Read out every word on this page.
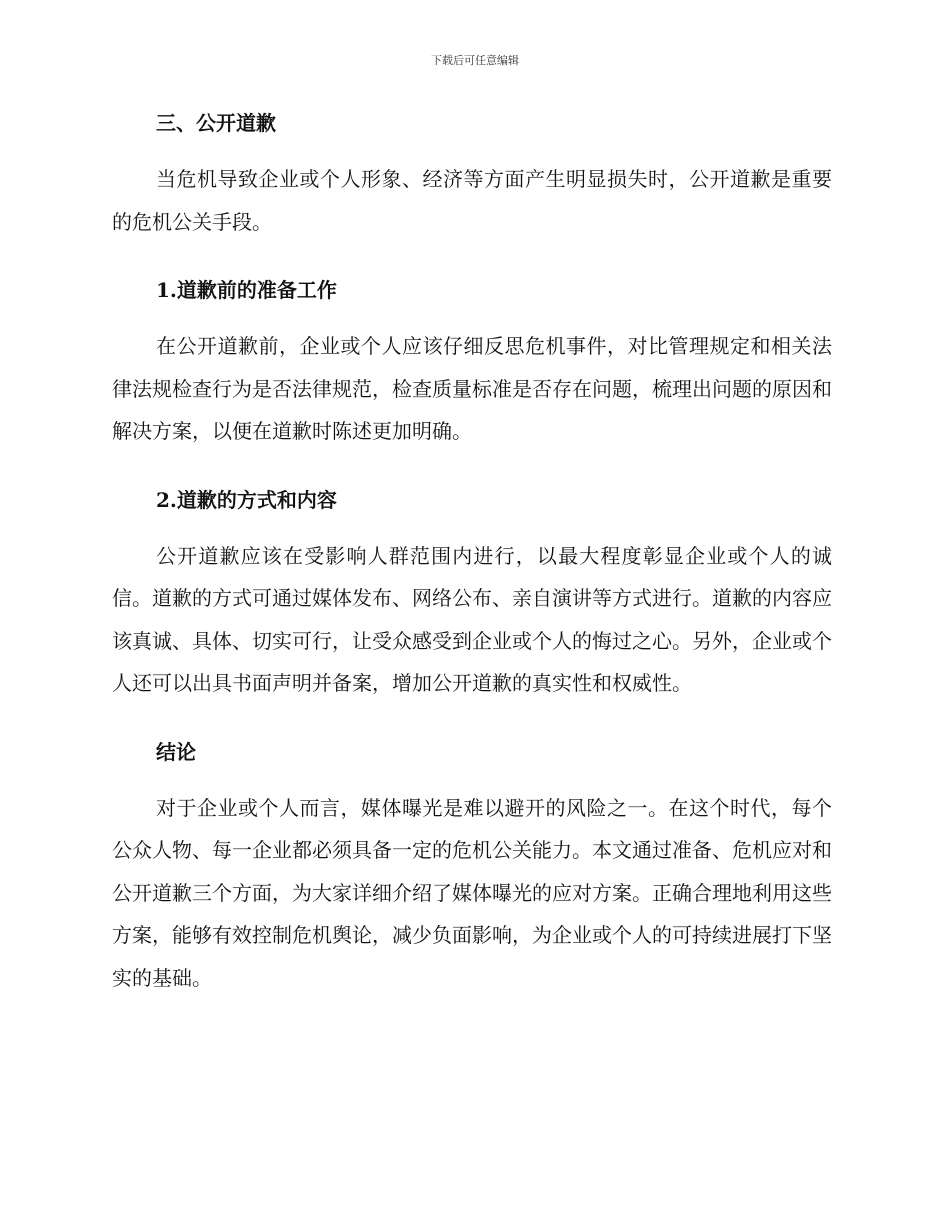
下载后可任意编辑
三、公开道歉

当危机导致企业或个人形象、经济等方面产生明显损失时，公开道歉是重要的危机公关手段。

1.道歉前的准备工作

在公开道歉前，企业或个人应该仔细反思危机事件，对比管理规定和相关法律法规检查行为是否法律规范，检查质量标准是否存在问题，梳理出问题的原因和解决方案，以便在道歉时陈述更加明确。

2.道歉的方式和内容

公开道歉应该在受影响人群范围内进行，以最大程度彰显企业或个人的诚信。道歉的方式可通过媒体发布、网络公布、亲自演讲等方式进行。道歉的内容应该真诚、具体、切实可行，让受众感受到企业或个人的悔过之心。另外，企业或个人还可以出具书面声明并备案，增加公开道歉的真实性和权威性。

结论

对于企业或个人而言，媒体曝光是难以避开的风险之一。在这个时代，每个公众人物、每一企业都必须具备一定的危机公关能力。本文通过准备、危机应对和公开道歉三个方面，为大家详细介绍了媒体曝光的应对方案。正确合理地利用这些方案，能够有效控制危机舆论，减少负面影响，为企业或个人的可持续进展打下坚实的基础。
